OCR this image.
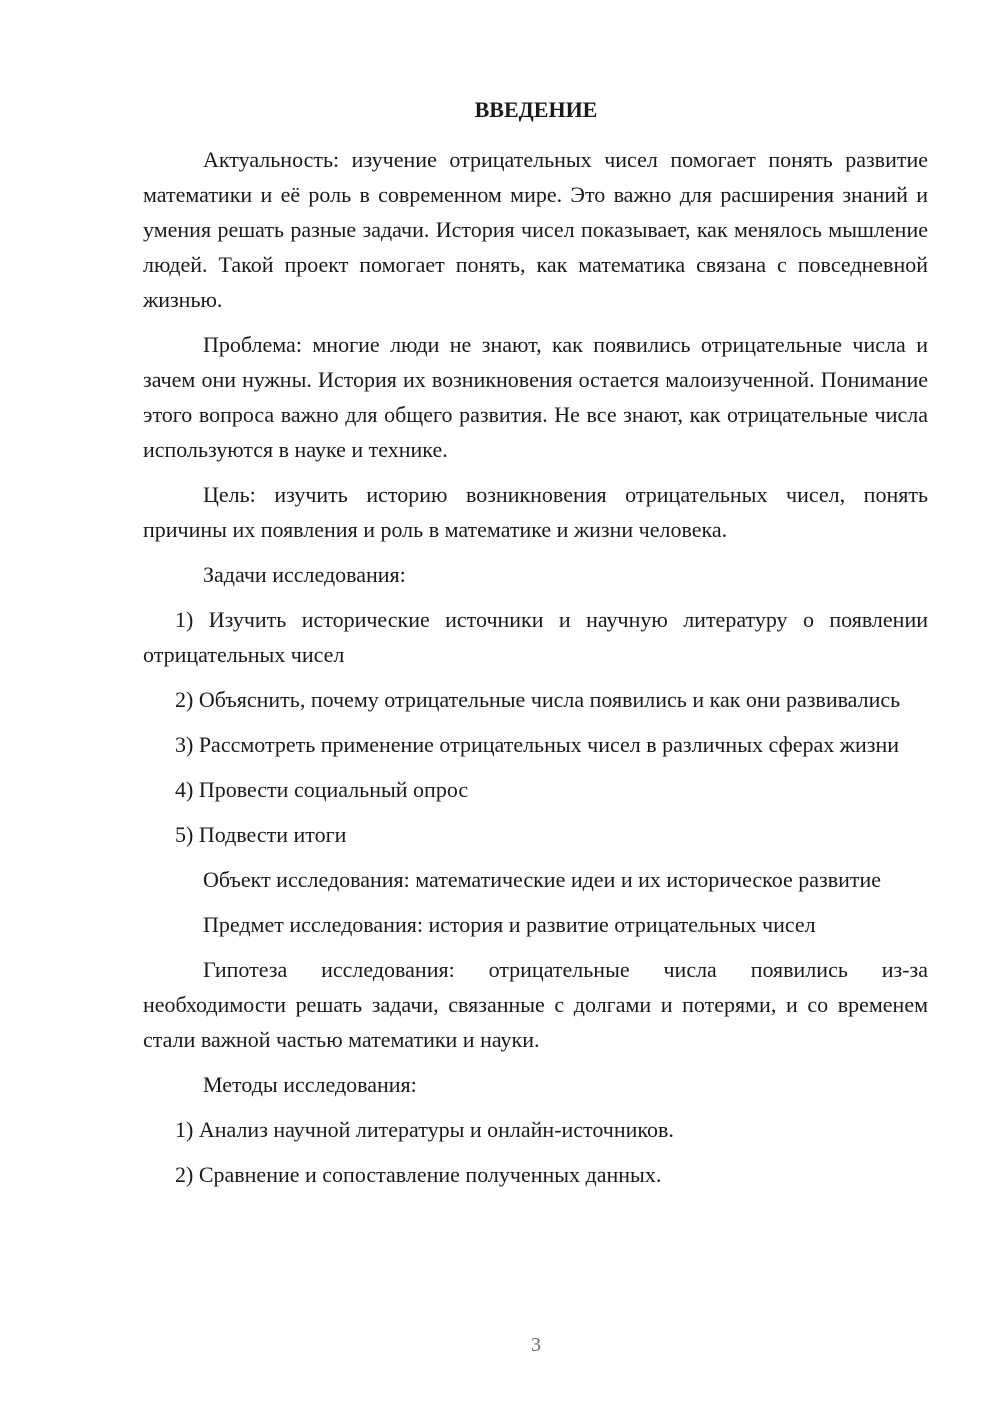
ВВЕДЕНИЕ

Актуальность: изучение отрицательных чисел помогает понять развитие математики и её роль в современном мире. Это важно для расширения знаний и умения решать разные задачи. История чисел показывает, как менялось мышление людей. Такой проект помогает понять, как математика связана с повседневной жизнью.

Проблема: многие люди не знают, как появились отрицательные числа и зачем они нужны. История их возникновения остается малоизученной. Понимание этого вопроса важно для общего развития. Не все знают, как отрицательные числа используются в науке и технике.

Цель: изучить историю возникновения отрицательных чисел, понять причины их появления и роль в математике и жизни человека.

Задачи исследования:

1) Изучить исторические источники и научную литературу о появлении отрицательных чисел

2) Объяснить, почему отрицательные числа появились и как они развивались

3) Рассмотреть применение отрицательных чисел в различных сферах жизни

4) Провести социальный опрос

5) Подвести итоги

Объект исследования: математические идеи и их историческое развитие

Предмет исследования: история и развитие отрицательных чисел

Гипотеза исследования: отрицательные числа появились из-за необходимости решать задачи, связанные с долгами и потерями, и со временем стали важной частью математики и науки.

Методы исследования:

1) Анализ научной литературы и онлайн-источников.

2) Сравнение и сопоставление полученных данных.

3
